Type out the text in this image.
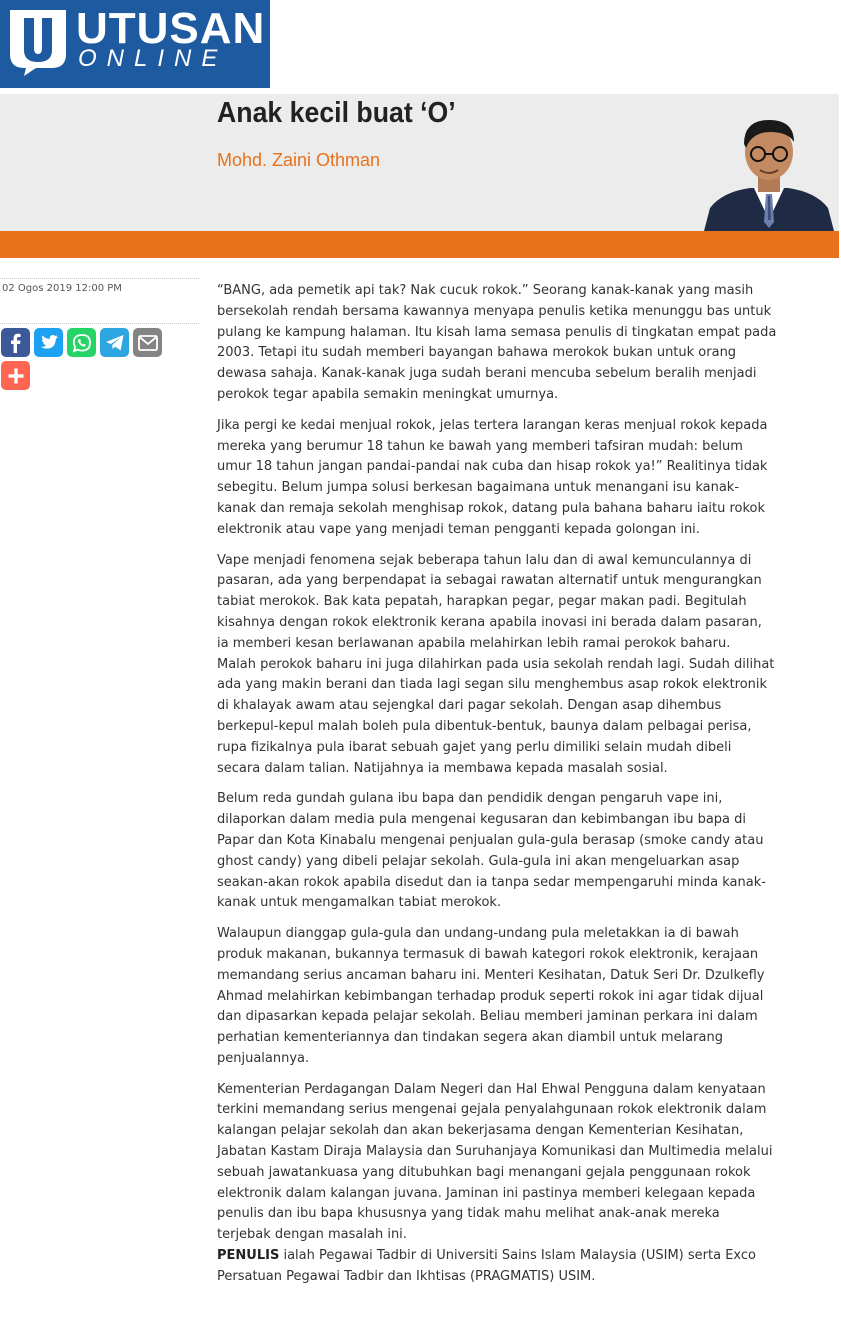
UTUSAN
ONLINE
Anak kecil buat ‘O’
Mohd. Zaini Othman
02 Ogos 2019 12:00 PM	“BANG, ada pemetik api tak? Nak cucuk rokok.” Seorang kanak-kanak yang masih bersekolah rendah bersama kawannya menyapa penulis ketika menunggu bas untuk pulang ke kampung halaman. Itu kisah lama semasa penulis di tingkatan empat pada 2003. Tetapi itu sudah memberi bayangan bahawa merokok bukan untuk orang dewasa sahaja. Kanak-kanak juga sudah berani mencuba sebelum beralih menjadi perokok tegar apabila semakin meningkat umurnya.

Jika pergi ke kedai menjual rokok, jelas tertera larangan keras menjual rokok kepada mereka yang berumur 18 tahun ke bawah yang memberi tafsiran mudah: belum umur 18 tahun jangan pandai-pandai nak cuba dan hisap rokok ya!” Realitinya tidak sebegitu. Belum jumpa solusi berkesan bagaimana untuk menangani isu kanak-kanak dan remaja sekolah menghisap rokok, datang pula bahana baharu iaitu rokok elektronik atau vape yang menjadi teman pengganti kepada golongan ini.

Vape menjadi fenomena sejak beberapa tahun lalu dan di awal kemunculannya di pasaran, ada yang berpendapat ia sebagai rawatan alternatif untuk mengurangkan tabiat merokok. Bak kata pepatah, harapkan pegar, pegar makan padi. Begitulah kisahnya dengan rokok elektronik kerana apabila inovasi ini berada dalam pasaran, ia memberi kesan berlawanan apabila melahirkan lebih ramai perokok baharu.

Malah perokok baharu ini juga dilahirkan pada usia sekolah rendah lagi. Sudah dilihat ada yang makin berani dan tiada lagi segan silu menghembus asap rokok elektronik di khalayak awam atau sejengkal dari pagar sekolah. Dengan asap dihembus berkepul-kepul malah boleh pula dibentuk-bentuk, baunya dalam pelbagai perisa, rupa fizikalnya pula ibarat sebuah gajet yang perlu dimiliki selain mudah dibeli secara dalam talian. Natijahnya ia membawa kepada masalah sosial.

Belum reda gundah gulana ibu bapa dan pendidik dengan pengaruh vape ini, dilaporkan dalam media pula mengenai kegusaran dan kebimbangan ibu bapa di Papar dan Kota Kinabalu mengenai penjualan gula-gula berasap (smoke candy atau ghost candy) yang dibeli pelajar sekolah. Gula-gula ini akan mengeluarkan asap seakan-akan rokok apabila disedut dan ia tanpa sedar mempengaruhi minda kanak-kanak untuk mengamalkan tabiat merokok.

Walaupun dianggap gula-gula dan undang-undang pula meletakkan ia di bawah produk makanan, bukannya termasuk di bawah kategori rokok elektronik, kerajaan memandang serius ancaman baharu ini. Menteri Kesihatan, Datuk Seri Dr. Dzulkefly Ahmad melahirkan kebimbangan terhadap produk seperti rokok ini agar tidak dijual dan dipasarkan kepada pelajar sekolah. Beliau memberi jaminan perkara ini dalam perhatian kementeriannya dan tindakan segera akan diambil untuk melarang penjualannya.

Kementerian Perdagangan Dalam Negeri dan Hal Ehwal Pengguna dalam kenyataan terkini memandang serius mengenai gejala penyalahgunaan rokok elektronik dalam kalangan pelajar sekolah dan akan bekerjasama dengan Kementerian Kesihatan, Jabatan Kastam Diraja Malaysia dan Suruhanjaya Komunikasi dan Multimedia melalui sebuah jawatankuasa yang ditubuhkan bagi menangani gejala penggunaan rokok elektronik dalam kalangan juvana. Jaminan ini pastinya memberi kelegaan kepada penulis dan ibu bapa khususnya yang tidak mahu melihat anak-anak mereka terjebak dengan masalah ini.

PENULIS ialah Pegawai Tadbir di Universiti Sains Islam Malaysia (USIM) serta Exco Persatuan Pegawai Tadbir dan Ikhtisas (PRAGMATIS) USIM.
